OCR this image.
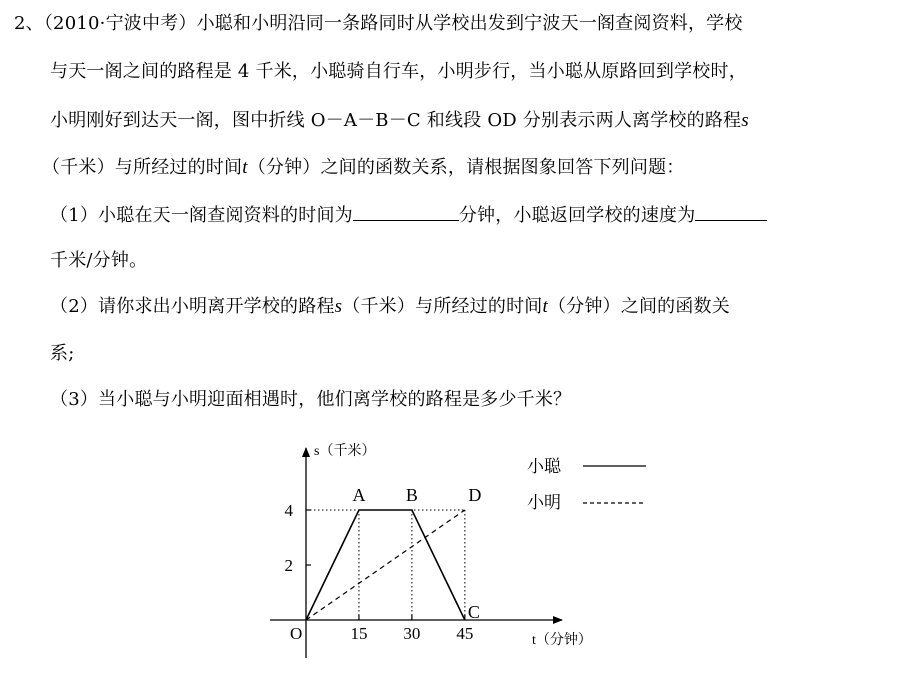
2、（2010·宁波中考）小聪和小明沿同一条路同时从学校出发到宁波天一阁查阅资料，学校
与天一阁之间的路程是 4 千米，小聪骑自行车，小明步行，当小聪从原路回到学校时，
小明刚好到达天一阁，图中折线 O－A－B－C 和线段 OD 分别表示两人离学校的路程s
（千米）与所经过的时间t（分钟）之间的函数关系，请根据图象回答下列问题：
（1）小聪在天一阁查阅资料的时间为	分钟，小聪返回学校的速度为
千米/分钟。
（2）请你求出小明离开学校的路程s（千米）与所经过的时间t（分钟）之间的函数关
系;
（3）当小聪与小明迎面相遇时，他们离学校的路程是多少千米？
s（千米）
t（分钟）
O	15 30 45
2
4
A B
C
D
小聪
小明
